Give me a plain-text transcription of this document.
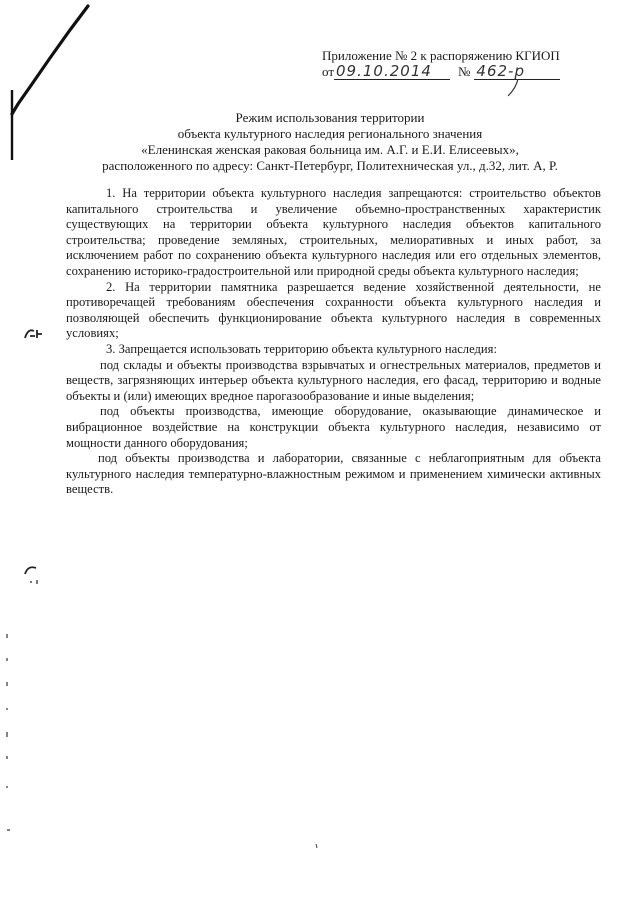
Приложение № 2 к распоряжению КГИОП
от 09.10.2014	№ 462-р
Режим использования территории
объекта культурного наследия регионального значения
«Еленинская женская раковая больница им. А.Г. и Е.И. Елисеевых»,
расположенного по адресу: Санкт-Петербург, Политехническая ул., д.32, лит. А, Р.

1. На территории объекта культурного наследия запрещаются: строительство объектов капитального строительства и увеличение объемно-пространственных характеристик существующих на территории объекта культурного наследия объектов капитального строительства; проведение земляных, строительных, мелиоративных и иных работ, за исключением работ по сохранению объекта культурного наследия или его отдельных элементов, сохранению историко-градостроительной или природной среды объекта культурного наследия;

2. На территории памятника разрешается ведение хозяйственной деятельности, не противоречащей требованиям обеспечения сохранности объекта культурного наследия и позволяющей обеспечить функционирование объекта культурного наследия в современных условиях;

3. Запрещается использовать территорию объекта культурного наследия:

под склады и объекты производства взрывчатых и огнестрельных материалов, предметов и веществ, загрязняющих интерьер объекта культурного наследия, его фасад, территорию и водные объекты и (или) имеющих вредное парогазообразование и иные выделения;

под объекты производства, имеющие оборудование, оказывающие динамическое и вибрационное воздействие на конструкции объекта культурного наследия, независимо от мощности данного оборудования;

под объекты производства и лаборатории, связанные с неблагоприятным для объекта культурного наследия температурно-влажностным режимом и применением химически активных веществ.
